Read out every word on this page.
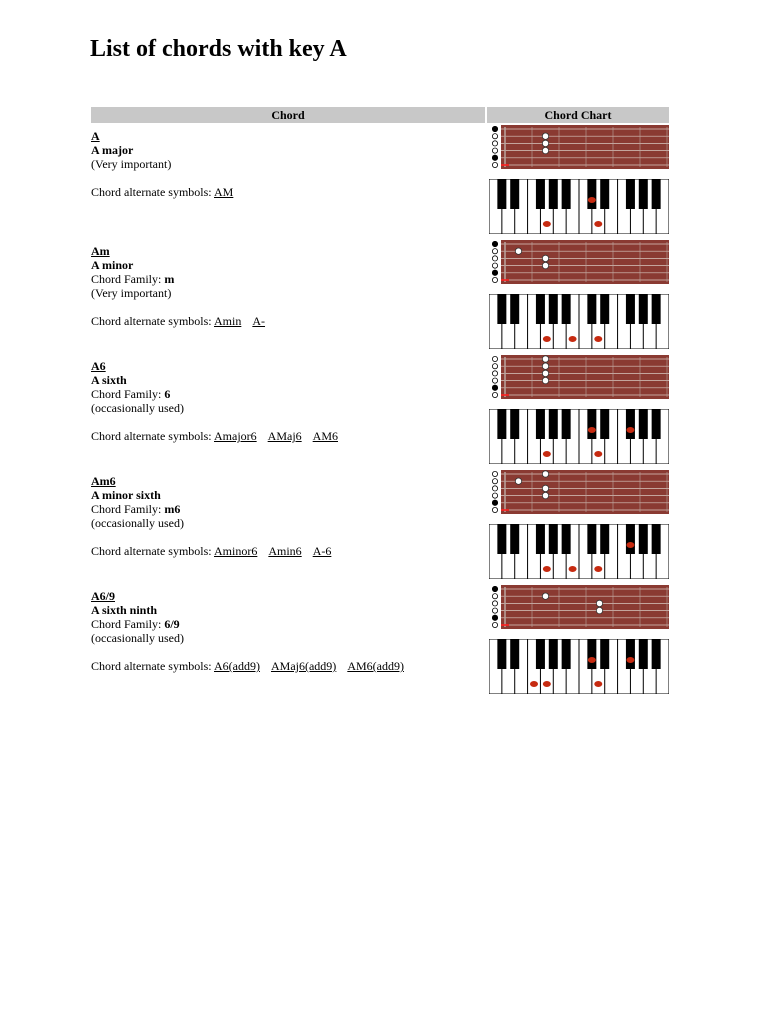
List of chords with key A
Chord	Chord Chart

A
A major
(Very important)
Chord alternate symbols: AM

Am
A minor
Chord Family: m
(Very important)
Chord alternate symbols: Amin A-

A6
A sixth
Chord Family: 6
(occasionally used)
Chord alternate symbols: Amajor6 AMaj6 AM6

Am6
A minor sixth
Chord Family: m6
(occasionally used)
Chord alternate symbols: Aminor6 Amin6 A-6

A6/9
A sixth ninth
Chord Family: 6/9
(occasionally used)
Chord alternate symbols: A6(add9) AMaj6(add9) AM6(add9)
